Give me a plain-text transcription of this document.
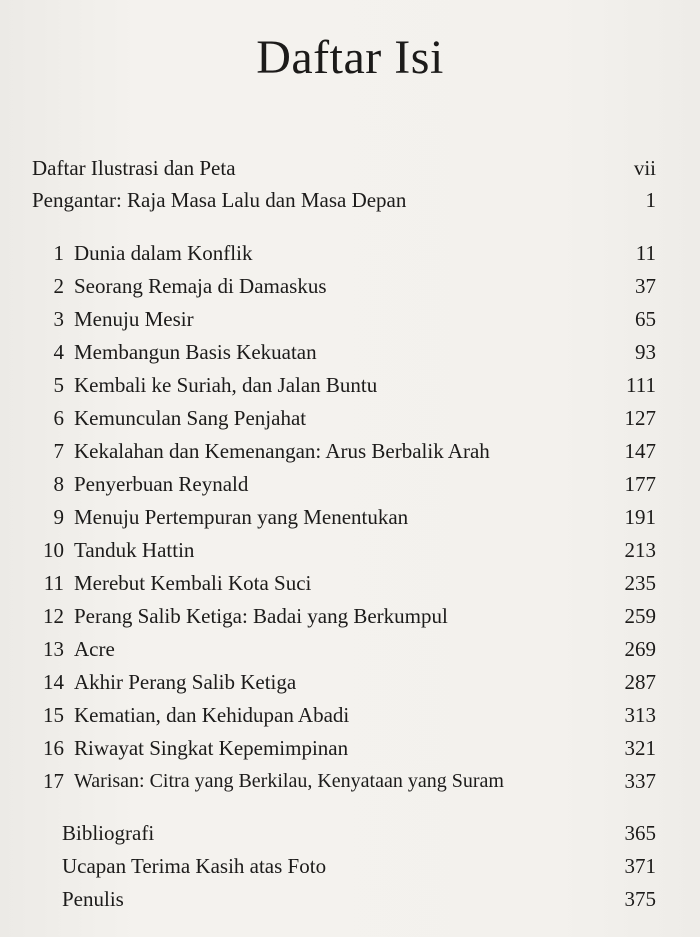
Daftar Isi
Daftar Ilustrasi dan Peta	vii
Pengantar: Raja Masa Lalu dan Masa Depan	1
1 Dunia dalam Konflik	11
2 Seorang Remaja di Damaskus	37
3 Menuju Mesir	65
4 Membangun Basis Kekuatan	93
5 Kembali ke Suriah, dan Jalan Buntu	111
6 Kemunculan Sang Penjahat	127
7 Kekalahan dan Kemenangan: Arus Berbalik Arah	147
8 Penyerbuan Reynald	177
9 Menuju Pertempuran yang Menentukan	191
10 Tanduk Hattin	213
11 Merebut Kembali Kota Suci	235
12 Perang Salib Ketiga: Badai yang Berkumpul	259
13 Acre	269
14 Akhir Perang Salib Ketiga	287
15 Kematian, dan Kehidupan Abadi	313
16 Riwayat Singkat Kepemimpinan	321
17 Warisan: Citra yang Berkilau, Kenyataan yang Suram	337
Bibliografi	365
Ucapan Terima Kasih atas Foto	371
Penulis	375
